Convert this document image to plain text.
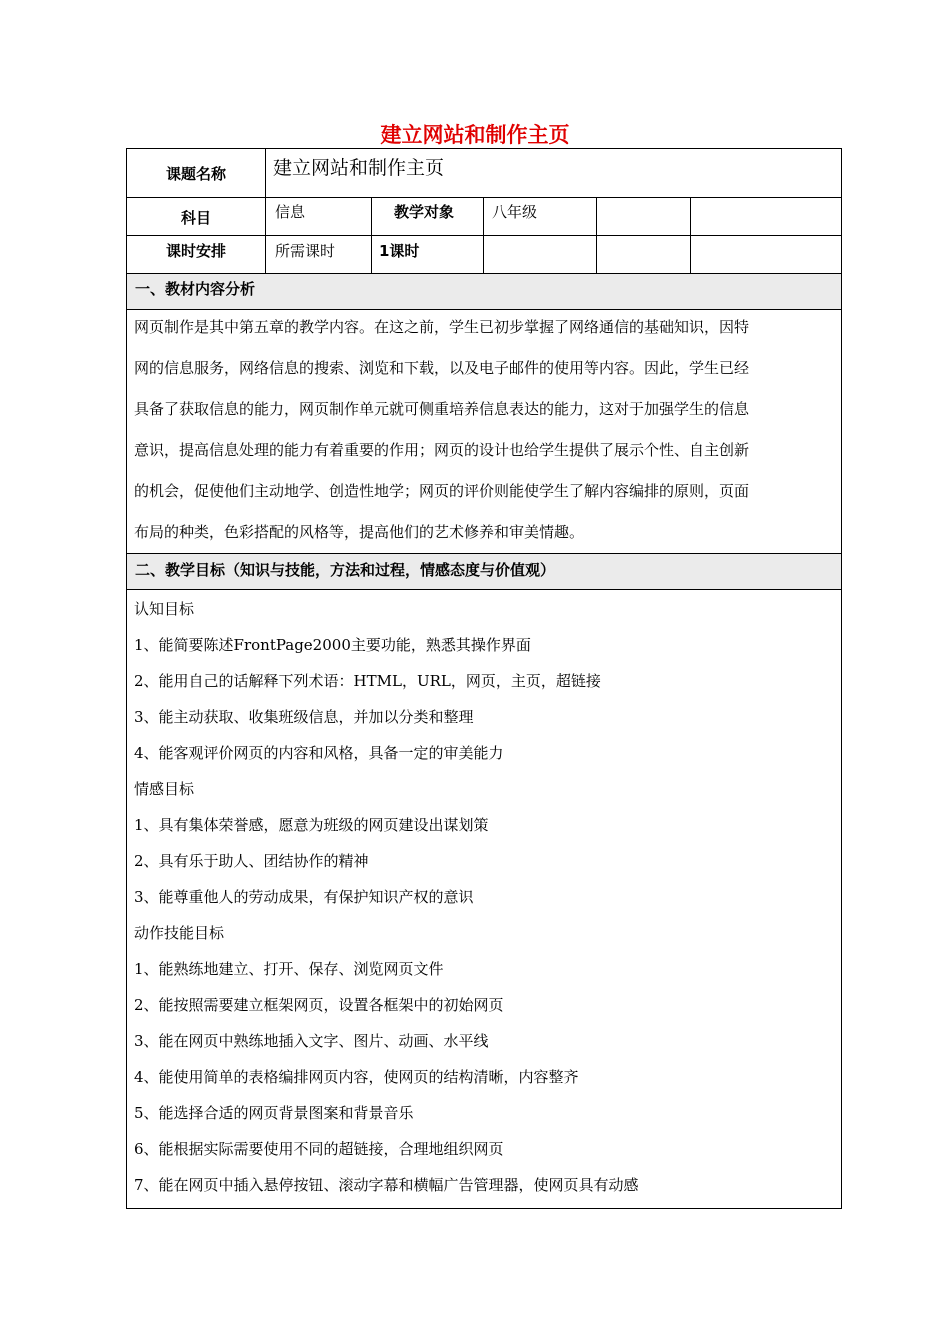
建立网站和制作主页
课题名称	建立网站和制作主页
科目	信息	教学对象	八年级
课时安排	所需课时	1课时
一、教材内容分析
网页制作是其中第五章的教学内容。在这之前，学生已初步掌握了网络通信的基础知识，因特
网的信息服务，网络信息的搜索、浏览和下载，以及电子邮件的使用等内容。因此，学生已经
具备了获取信息的能力，网页制作单元就可侧重培养信息表达的能力，这对于加强学生的信息
意识，提高信息处理的能力有着重要的作用；网页的设计也给学生提供了展示个性、自主创新
的机会，促使他们主动地学、创造性地学；网页的评价则能使学生了解内容编排的原则，页面
布局的种类，色彩搭配的风格等，提高他们的艺术修养和审美情趣。
二、教学目标（知识与技能，方法和过程，情感态度与价值观）
认知目标
1、能简要陈述FrontPage2000主要功能，熟悉其操作界面
2、能用自己的话解释下列术语：HTML，URL，网页，主页，超链接
3、能主动获取、收集班级信息，并加以分类和整理
4、能客观评价网页的内容和风格，具备一定的审美能力
情感目标
1、具有集体荣誉感，愿意为班级的网页建设出谋划策
2、具有乐于助人、团结协作的精神
3、能尊重他人的劳动成果，有保护知识产权的意识
动作技能目标
1、能熟练地建立、打开、保存、浏览网页文件
2、能按照需要建立框架网页，设置各框架中的初始网页
3、能在网页中熟练地插入文字、图片、动画、水平线
4、能使用简单的表格编排网页内容，使网页的结构清晰，内容整齐
5、能选择合适的网页背景图案和背景音乐
6、能根据实际需要使用不同的超链接，合理地组织网页
7、能在网页中插入悬停按钮、滚动字幕和横幅广告管理器，使网页具有动感
